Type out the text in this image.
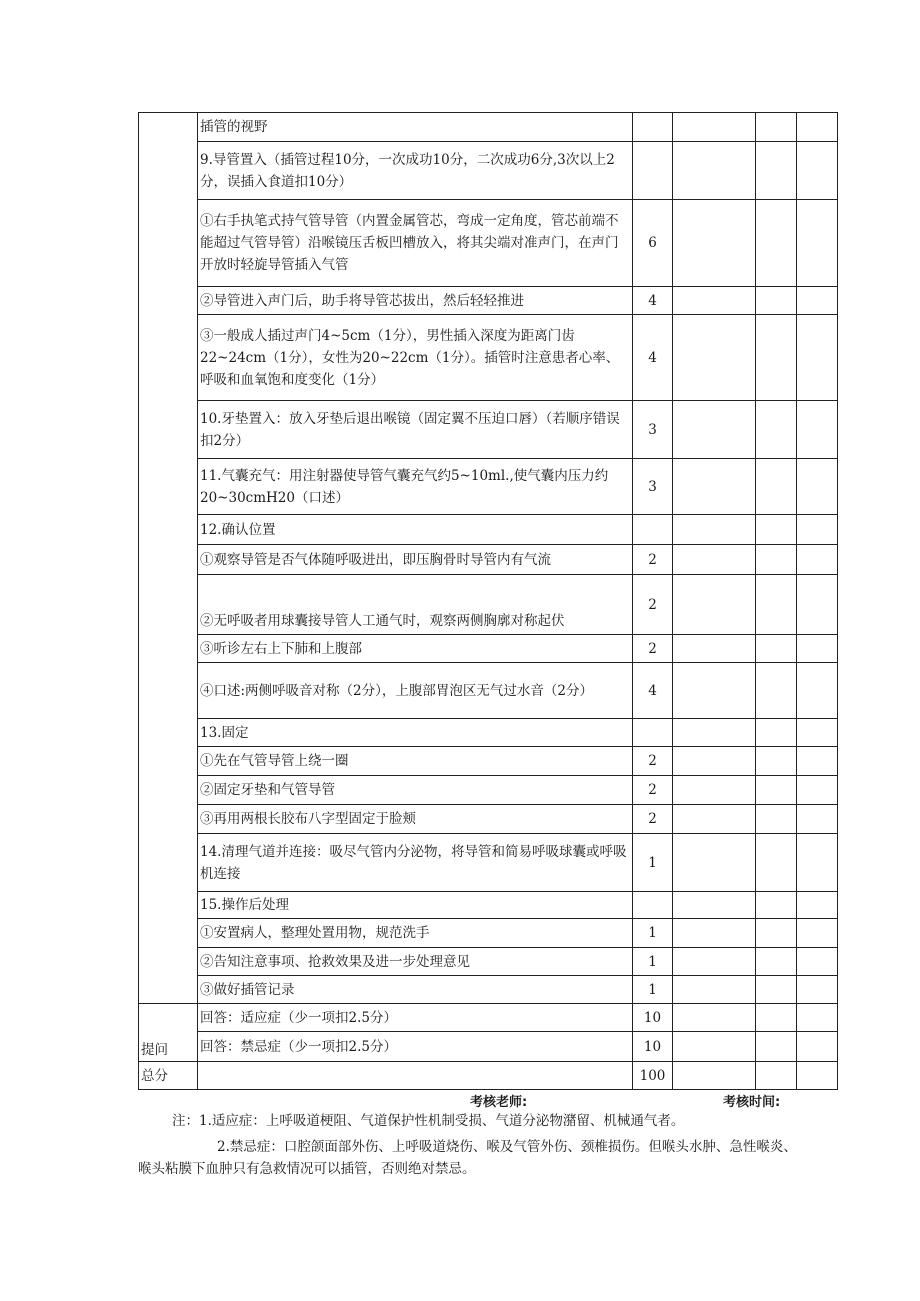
	插管的视野				
	9.导管置入（插管过程10分，一次成功10分，二次成功6分,3次以上2分，误插入食道扣10分）				
	①右手执笔式持气管导管（内置金属管芯，弯成一定角度，管芯前端不能超过气管导管）沿喉镜压舌板凹槽放入，将其尖端对准声门，在声门开放时轻旋导管插入气管	6			
	②导管进入声门后，助手将导管芯拔出，然后轻轻推进	4			
	③一般成人插过声门4~5cm（1分），男性插入深度为距离门齿22~24cm（1分），女性为20~22cm（1分）。插管时注意患者心率、呼吸和血氧饱和度变化（1分）	4			
	10.牙垫置入：放入牙垫后退出喉镜（固定翼不压迫口唇）（若顺序错误扣2分）	3			
	11.气囊充气：用注射器使导管气囊充气约5~10ml.,使气囊内压力约20~30cmH20（口述）	3			
	12.确认位置				
	①观察导管是否气体随呼吸进出，即压胸骨时导管内有气流	2			
	②无呼吸者用球囊接导管人工通气时，观察两侧胸廓对称起伏	2			
	③听诊左右上下肺和上腹部	2			
	④口述:两侧呼吸音对称（2分），上腹部胃泡区无气过水音（2分）	4			
	13.固定				
	①先在气管导管上绕一圈	2			
	②固定牙垫和气管导管	2			
	③再用两根长胶布八字型固定于脸颊	2			
	14.清理气道并连接：吸尽气管内分泌物，将导管和简易呼吸球囊或呼吸机连接	1			
	15.操作后处理				
	①安置病人，整理处置用物，规范洗手	1			
	②告知注意事项、抢救效果及进一步处理意见	1			
	③做好插管记录	1			
提问	回答：适应症（少一项扣2.5分）	10			
	回答：禁忌症（少一项扣2.5分）	10			
总分		100			
考核老师:	考核时间:
注：1.适应症：上呼吸道梗阻、气道保护性机制受损、气道分泌物潴留、机械通气者。
2.禁忌症：口腔颌面部外伤、上呼吸道烧伤、喉及气管外伤、颈椎损伤。但喉头水肿、急性喉炎、喉头粘膜下血肿只有急救情况可以插管，否则绝对禁忌。
